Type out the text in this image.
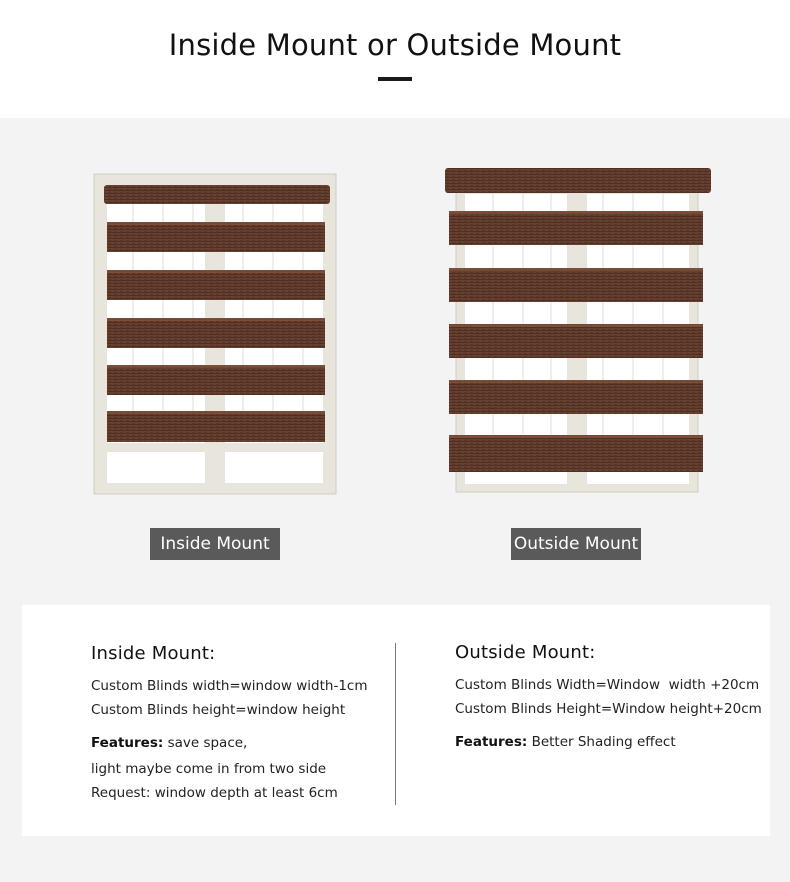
Inside Mount or Outside Mount
Inside Mount	Outside Mount
Inside Mount:
Custom Blinds width=window width-1cm
Custom Blinds height=window height
Features: save space,
light maybe come in from two side
Request: window depth at least 6cm
Outside Mount:
Custom Blinds Width=Window  width +20cm
Custom Blinds Height=Window height+20cm
Features: Better Shading effect
